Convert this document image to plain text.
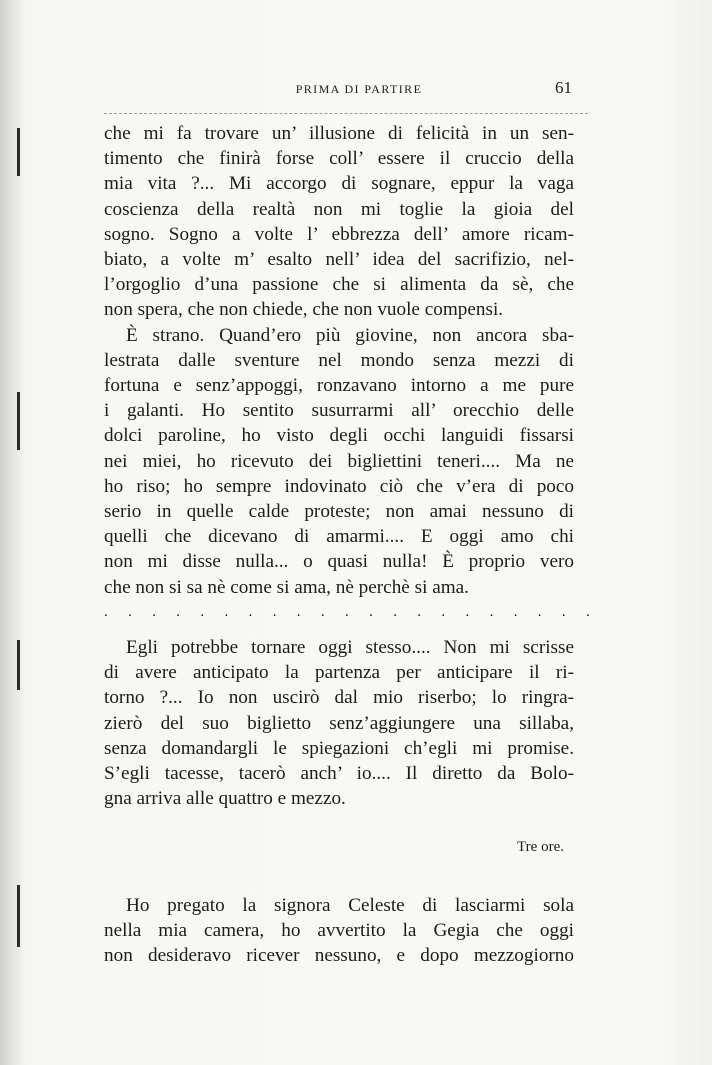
PRIMA DI PARTIRE	61
che mi fa trovare un’ illusione di felicità in un sen-
timento che finirà forse coll’ essere il cruccio della
mia vita ?... Mi accorgo di sognare, eppur la vaga
coscienza della realtà non mi toglie la gioia del
sogno. Sogno a volte l’ ebbrezza dell’ amore ricam-
biato, a volte m’ esalto nell’ idea del sacrifizio, nel-
l’orgoglio d’una passione che si alimenta da sè, che
non spera, che non chiede, che non vuole compensi.
È strano. Quand’ero più giovine, non ancora sba-
lestrata dalle sventure nel mondo senza mezzi di
fortuna e senz’appoggi, ronzavano intorno a me pure
i galanti. Ho sentito susurrarmi all’ orecchio delle
dolci paroline, ho visto degli occhi languidi fissarsi
nei miei, ho ricevuto dei bigliettini teneri.... Ma ne
ho riso; ho sempre indovinato ciò che v’era di poco
serio in quelle calde proteste; non amai nessuno di
quelli che dicevano di amarmi.... E oggi amo chi
non mi disse nulla... o quasi nulla! È proprio vero
che non si sa nè come si ama, nè perchè si ama.
. . . . . . . . . . . . . . . . . . . . .
Egli potrebbe tornare oggi stesso.... Non mi scrisse
di avere anticipato la partenza per anticipare il ri-
torno ?... Io non uscirò dal mio riserbo; lo ringra-
zierò del suo biglietto senz’aggiungere una sillaba,
senza domandargli le spiegazioni ch’egli mi promise.
S’egli tacesse, tacerò anch’ io.... Il diretto da Bolo-
gna arriva alle quattro e mezzo.
Tre ore.
Ho pregato la signora Celeste di lasciarmi sola
nella mia camera, ho avvertito la Gegia che oggi
non desideravo ricever nessuno, e dopo mezzogiorno
